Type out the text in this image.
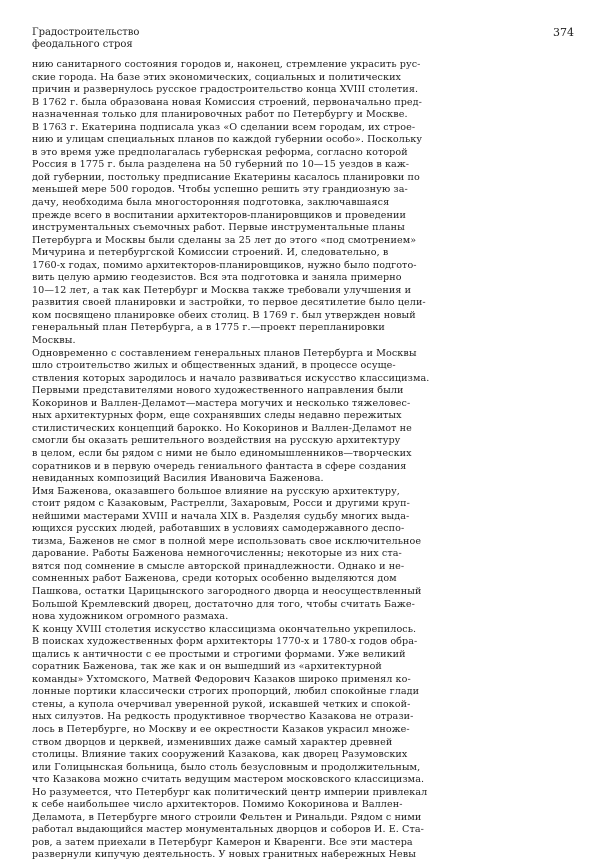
Градостроительство
феодального строя
374
нию санитарного состояния городов и, наконец, стремление украсить рус-
ские города. На базе этих экономических, социальных и политических
причин и развернулось русское градостроительство конца XVIII столетия.
В 1762 г. была образована новая Комиссия строений, первоначально пред-
назначенная только для планировочных работ по Петербургу и Москве.
В 1763 г. Екатерина подписала указ «О сделании всем городам, их строе-
нию и улицам специальных планов по каждой губернии особо». Поскольку
в это время уже предполагалась губернская реформа, согласно которой
Россия в 1775 г. была разделена на 50 губерний по 10—15 уездов в каж-
дой губернии, постольку предписание Екатерины касалось планировки по
меньшей мере 500 городов. Чтобы успешно решить эту грандиозную за-
дачу, необходима была многосторонняя подготовка, заключавшаяся
прежде всего в воспитании архитекторов-планировщиков и проведении
инструментальных съемочных работ. Первые инструментальные планы
Петербурга и Москвы были сделаны за 25 лет до этого «под смотрением»
Мичурина и петербургской Комиссии строений. И, следовательно, в
1760-х годах, помимо архитекторов-планировщиков, нужно было подгото-
вить целую армию геодезистов. Вся эта подготовка и заняла примерно
10—12 лет, а так как Петербург и Москва также требовали улучшения и
развития своей планировки и застройки, то первое десятилетие было цели-
ком посвящено планировке обеих столиц. В 1769 г. был утвержден новый
генеральный план Петербурга, а в 1775 г.—проект перепланировки
Москвы.
Одновременно с составлением генеральных планов Петербурга и Москвы
шло строительство жилых и общественных зданий, в процессе осуще-
ствления которых зародилось и начало развиваться искусство классицизма.
Первыми представителями нового художественного направления были
Кокоринов и Валлен-Деламот—мастера могучих и несколько тяжеловес-
ных архитектурных форм, еще сохранявших следы недавно пережитых
стилистических концепций барокко. Но Кокоринов и Валлен-Деламот не
смогли бы оказать решительного воздействия на русскую архитектуру
в целом, если бы рядом с ними не было единомышленников—творческих
соратников и в первую очередь гениального фантаста в сфере создания
невиданных композиций Василия Ивановича Баженова.
Имя Баженова, оказавшего большое влияние на русскую архитектуру,
стоит рядом с Казаковым, Растрелли, Захаровым, Росси и другими круп-
нейшими мастерами XVIII и начала XIX в. Разделяя судьбу многих выда-
ющихся русских людей, работавших в условиях самодержавного деспо-
тизма, Баженов не смог в полной мере использовать свое исключительное
дарование. Работы Баженова немногочисленны; некоторые из них ста-
вятся под сомнение в смысле авторской принадлежности. Однако и не-
сомненных работ Баженова, среди которых особенно выделяются дом
Пашкова, остатки Царицынского загородного дворца и неосуществленный
Большой Кремлевский дворец, достаточно для того, чтобы считать Баже-
нова художником огромного размаха.
К концу XVIII столетия искусство классицизма окончательно укрепилось.
В поисках художественных форм архитекторы 1770-х и 1780-х годов обра-
щались к античности с ее простыми и строгими формами. Уже великий
соратник Баженова, так же как и он вышедший из «архитектурной
команды» Ухтомского, Матвей Федорович Казаков широко применял ко-
лонные портики классически строгих пропорций, любил спокойные глади
стены, а купола очерчивал уверенной рукой, искавшей четких и спокой-
ных силуэтов. На редкость продуктивное творчество Казакова не отрази-
лось в Петербурге, но Москву и ее окрестности Казаков украсил множе-
ством дворцов и церквей, изменивших даже самый характер древней
столицы. Влияние таких сооружений Казакова, как дворец Разумовских
или Голицынская больница, было столь безусловным и продолжительным,
что Казакова можно считать ведущим мастером московского классицизма.
Но разумеется, что Петербург как политический центр империи привлекал
к себе наибольшее число архитекторов. Помимо Кокоринова и Валлен-
Деламота, в Петербурге много строили Фельтен и Ринальди. Рядом с ними
работал выдающийся мастер монументальных дворцов и соборов И. Е. Ста-
ров, а затем приехали в Петербург Камерон и Кваренги. Все эти мастера
развернули кипучую деятельность. У новых гранитных набережных Невы
